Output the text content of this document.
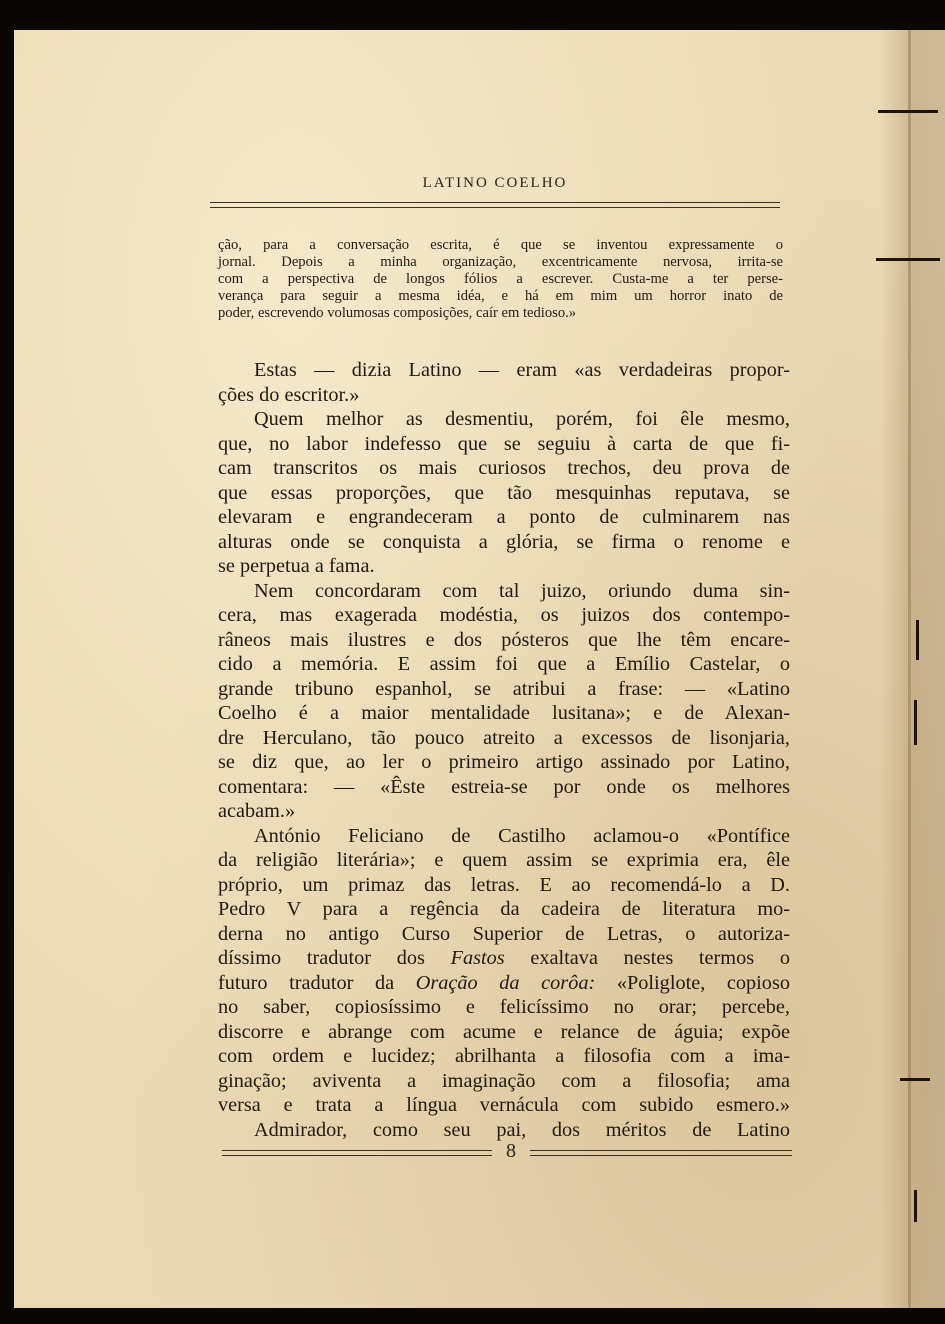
LATINO COELHO
ção, para a conversação escrita, é que se inventou expressamente o
jornal. Depois a minha organização, excentricamente nervosa, irrita-se
com a perspectiva de longos fólios a escrever. Custa-me a ter perse-
verança para seguir a mesma idéa, e há em mim um horror inato de
poder, escrevendo volumosas composições, caír em tedioso.»
Estas — dizia Latino — eram «as verdadeiras propor-
ções do escritor.»
Quem melhor as desmentiu, porém, foi êle mesmo,
que, no labor indefesso que se seguiu à carta de que fi-
cam transcritos os mais curiosos trechos, deu prova de
que essas proporções, que tão mesquinhas reputava, se
elevaram e engrandeceram a ponto de culminarem nas
alturas onde se conquista a glória, se firma o renome e
se perpetua a fama.
Nem concordaram com tal juizo, oriundo duma sin-
cera, mas exagerada modéstia, os juizos dos contempo-
râneos mais ilustres e dos pósteros que lhe têm encare-
cido a memória. E assim foi que a Emílio Castelar, o
grande tribuno espanhol, se atribui a frase: — «Latino
Coelho é a maior mentalidade lusitana»; e de Alexan-
dre Herculano, tão pouco atreito a excessos de lisonjaria,
se diz que, ao ler o primeiro artigo assinado por Latino,
comentara: — «Êste estreia-se por onde os melhores
acabam.»
António Feliciano de Castilho aclamou-o «Pontífice
da religião literária»; e quem assim se exprimia era, êle
próprio, um primaz das letras. E ao recomendá-lo a D.
Pedro V para a regência da cadeira de literatura mo-
derna no antigo Curso Superior de Letras, o autoriza-
díssimo tradutor dos Fastos exaltava nestes termos o
futuro tradutor da Oração da corôa: «Poliglote, copioso
no saber, copiosíssimo e felicíssimo no orar; percebe,
discorre e abrange com acume e relance de águia; expõe
com ordem e lucidez; abrilhanta a filosofia com a ima-
ginação; aviventa a imaginação com a filosofia; ama
versa e trata a língua vernácula com subido esmero.»
Admirador, como seu pai, dos méritos de Latino
8
